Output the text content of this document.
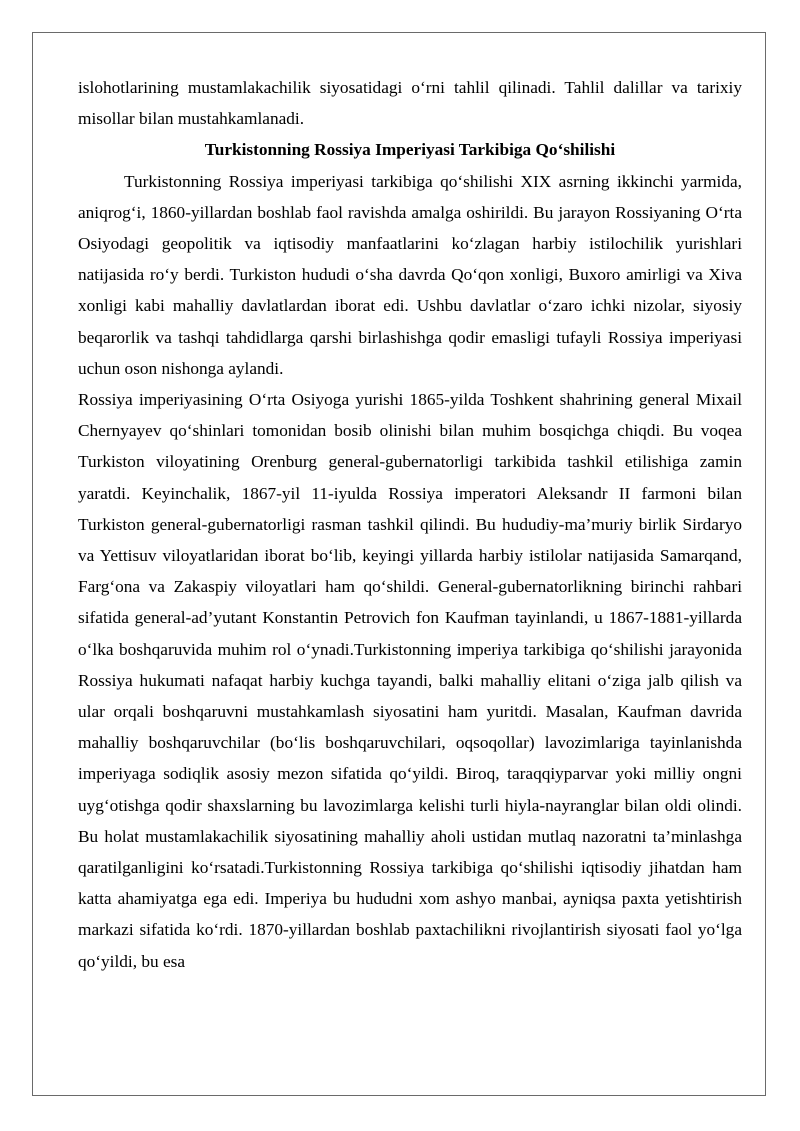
islohotlarining mustamlakachilik siyosatidagi o‘rni tahlil qilinadi. Tahlil dalillar va tarixiy misollar bilan mustahkamlanadi.

Turkistonning Rossiya Imperiyasi Tarkibiga Qo‘shilishi

Turkistonning Rossiya imperiyasi tarkibiga qo‘shilishi XIX asrning ikkinchi yarmida, aniqrog‘i, 1860-yillardan boshlab faol ravishda amalga oshirildi. Bu jarayon Rossiyaning O‘rta Osiyodagi geopolitik va iqtisodiy manfaatlarini ko‘zlagan harbiy istilochilik yurishlari natijasida ro‘y berdi. Turkiston hududi o‘sha davrda Qo‘qon xonligi, Buxoro amirligi va Xiva xonligi kabi mahalliy davlatlardan iborat edi. Ushbu davlatlar o‘zaro ichki nizolar, siyosiy beqarorlik va tashqi tahdidlarga qarshi birlashishga qodir emasligi tufayli Rossiya imperiyasi uchun oson nishonga aylandi.

Rossiya imperiyasining O‘rta Osiyoga yurishi 1865-yilda Toshkent shahrining general Mixail Chernyayev qo‘shinlari tomonidan bosib olinishi bilan muhim bosqichga chiqdi. Bu voqea Turkiston viloyatining Orenburg general-gubernatorligi tarkibida tashkil etilishiga zamin yaratdi. Keyinchalik, 1867-yil 11-iyulda Rossiya imperatori Aleksandr II farmoni bilan Turkiston general-gubernatorligi rasman tashkil qilindi. Bu hududiy-ma’muriy birlik Sirdaryo va Yettisuv viloyatlaridan iborat bo‘lib, keyingi yillarda harbiy istilolar natijasida Samarqand, Farg‘ona va Zakaspiy viloyatlari ham qo‘shildi. General-gubernatorlikning birinchi rahbari sifatida general-ad’yutant Konstantin Petrovich fon Kaufman tayinlandi, u 1867-1881-yillarda o‘lka boshqaruvida muhim rol o‘ynadi.Turkistonning imperiya tarkibiga qo‘shilishi jarayonida Rossiya hukumati nafaqat harbiy kuchga tayandi, balki mahalliy elitani o‘ziga jalb qilish va ular orqali boshqaruvni mustahkamlash siyosatini ham yuritdi. Masalan, Kaufman davrida mahalliy boshqaruvchilar (bo‘lis boshqaruvchilari, oqsoqollar) lavozimlariga tayinlanishda imperiyaga sodiqlik asosiy mezon sifatida qo‘yildi. Biroq, taraqqiyparvar yoki milliy ongni uyg‘otishga qodir shaxslarning bu lavozimlarga kelishi turli hiyla-nayranglar bilan oldi olindi. Bu holat mustamlakachilik siyosatining mahalliy aholi ustidan mutlaq nazoratni ta’minlashga qaratilganligini ko‘rsatadi.Turkistonning Rossiya tarkibiga qo‘shilishi iqtisodiy jihatdan ham katta ahamiyatga ega edi. Imperiya bu hududni xom ashyo manbai, ayniqsa paxta yetishtirish markazi sifatida ko‘rdi. 1870-yillardan boshlab paxtachilikni rivojlantirish siyosati faol yo‘lga qo‘yildi, bu esa
